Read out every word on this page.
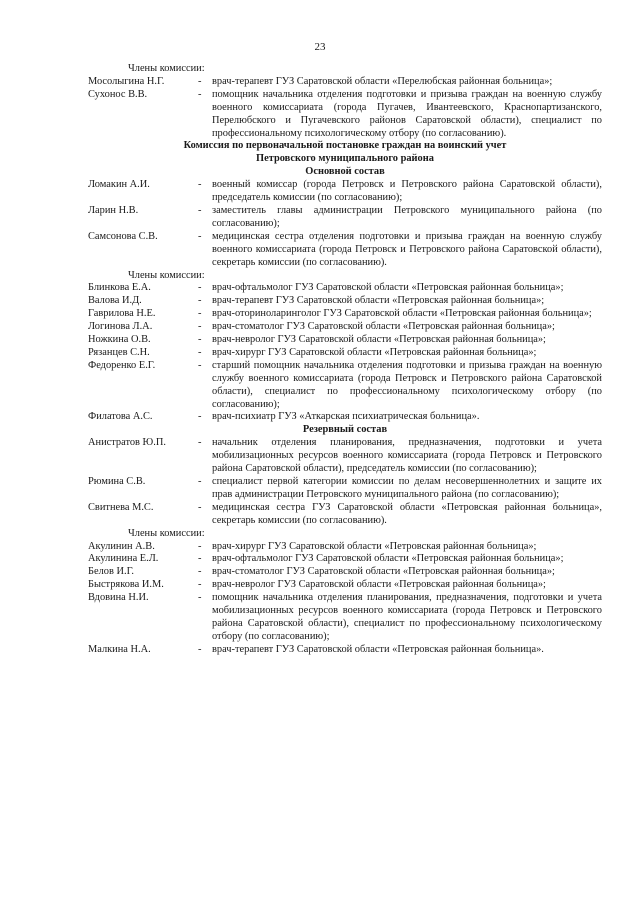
23
Члены комиссии:
Мосолыгина Н.Г.	-	врач-терапевт ГУЗ Саратовской области «Перелюбская районная больница»;
Сухонос В.В.	-	помощник начальника отделения подготовки и призыва граждан на военную службу военного комиссариата (города Пугачев, Ивантеевского, Краснопартизанского, Перелюбского и Пугачевского районов Саратовской области), специалист по профессиональному психологическому отбору (по согласованию).
Комиссия по первоначальной постановке граждан на воинский учет
Петровского муниципального района
Основной состав
Ломакин А.И.	-	военный комиссар (города Петровск и Петровского района Саратовской области), председатель комиссии (по согласованию);
Ларин Н.В.	-	заместитель главы администрации Петровского муниципального района (по согласованию);
Самсонова С.В.	-	медицинская сестра отделения подготовки и призыва граждан на военную службу военного комиссариата (города Петровск и Петровского района Саратовской области), секретарь комиссии (по согласованию).
Члены комиссии:
Блинкова Е.А.	-	врач-офтальмолог ГУЗ Саратовской области «Петровская районная больница»;
Валова И.Д.	-	врач-терапевт ГУЗ Саратовской области «Петровская районная больница»;
Гаврилова Н.Е.	-	врач-оториноларинголог ГУЗ Саратовской области «Петровская районная больница»;
Логинова Л.А.	-	врач-стоматолог ГУЗ Саратовской области «Петровская районная больница»;
Ножкина О.В.	-	врач-невролог ГУЗ Саратовской области «Петровская районная больница»;
Рязанцев С.Н.	-	врач-хирург ГУЗ Саратовской области «Петровская районная больница»;
Федоренко Е.Г.	-	старший помощник начальника отделения подготовки и призыва граждан на военную службу военного комиссариата (города Петровск и Петровского района Саратовской области), специалист по профессиональному психологическому отбору (по согласованию);
Филатова А.С.	-	врач-психиатр ГУЗ «Аткарская психиатрическая больница».
Резервный состав
Анистратов Ю.П.	-	начальник отделения планирования, предназначения, подготовки и учета мобилизационных ресурсов военного комиссариата (города Петровск и Петровского района Саратовской области), председатель комиссии (по согласованию);
Рюмина С.В.	-	специалист первой категории комиссии по делам несовершеннолетних и защите их прав администрации Петровского муниципального района (по согласованию);
Свитнева М.С.	-	медицинская сестра ГУЗ Саратовской области «Петровская районная больница», секретарь комиссии (по согласованию).
Члены комиссии:
Акулинин А.В.	-	врач-хирург ГУЗ Саратовской области «Петровская районная больница»;
Акулинина Е.Л.	-	врач-офтальмолог ГУЗ Саратовской области «Петровская районная больница»;
Белов И.Г.	-	врач-стоматолог ГУЗ Саратовской области «Петровская районная больница»;
Быстрякова И.М.	-	врач-невролог ГУЗ Саратовской области «Петровская районная больница»;
Вдовина Н.И.	-	помощник начальника отделения планирования, предназначения, подготовки и учета мобилизационных ресурсов военного комиссариата (города Петровск и Петровского района Саратовской области), специалист по профессиональному психологическому отбору (по согласованию);
Малкина Н.А.	-	врач-терапевт ГУЗ Саратовской области «Петровская районная больница».
